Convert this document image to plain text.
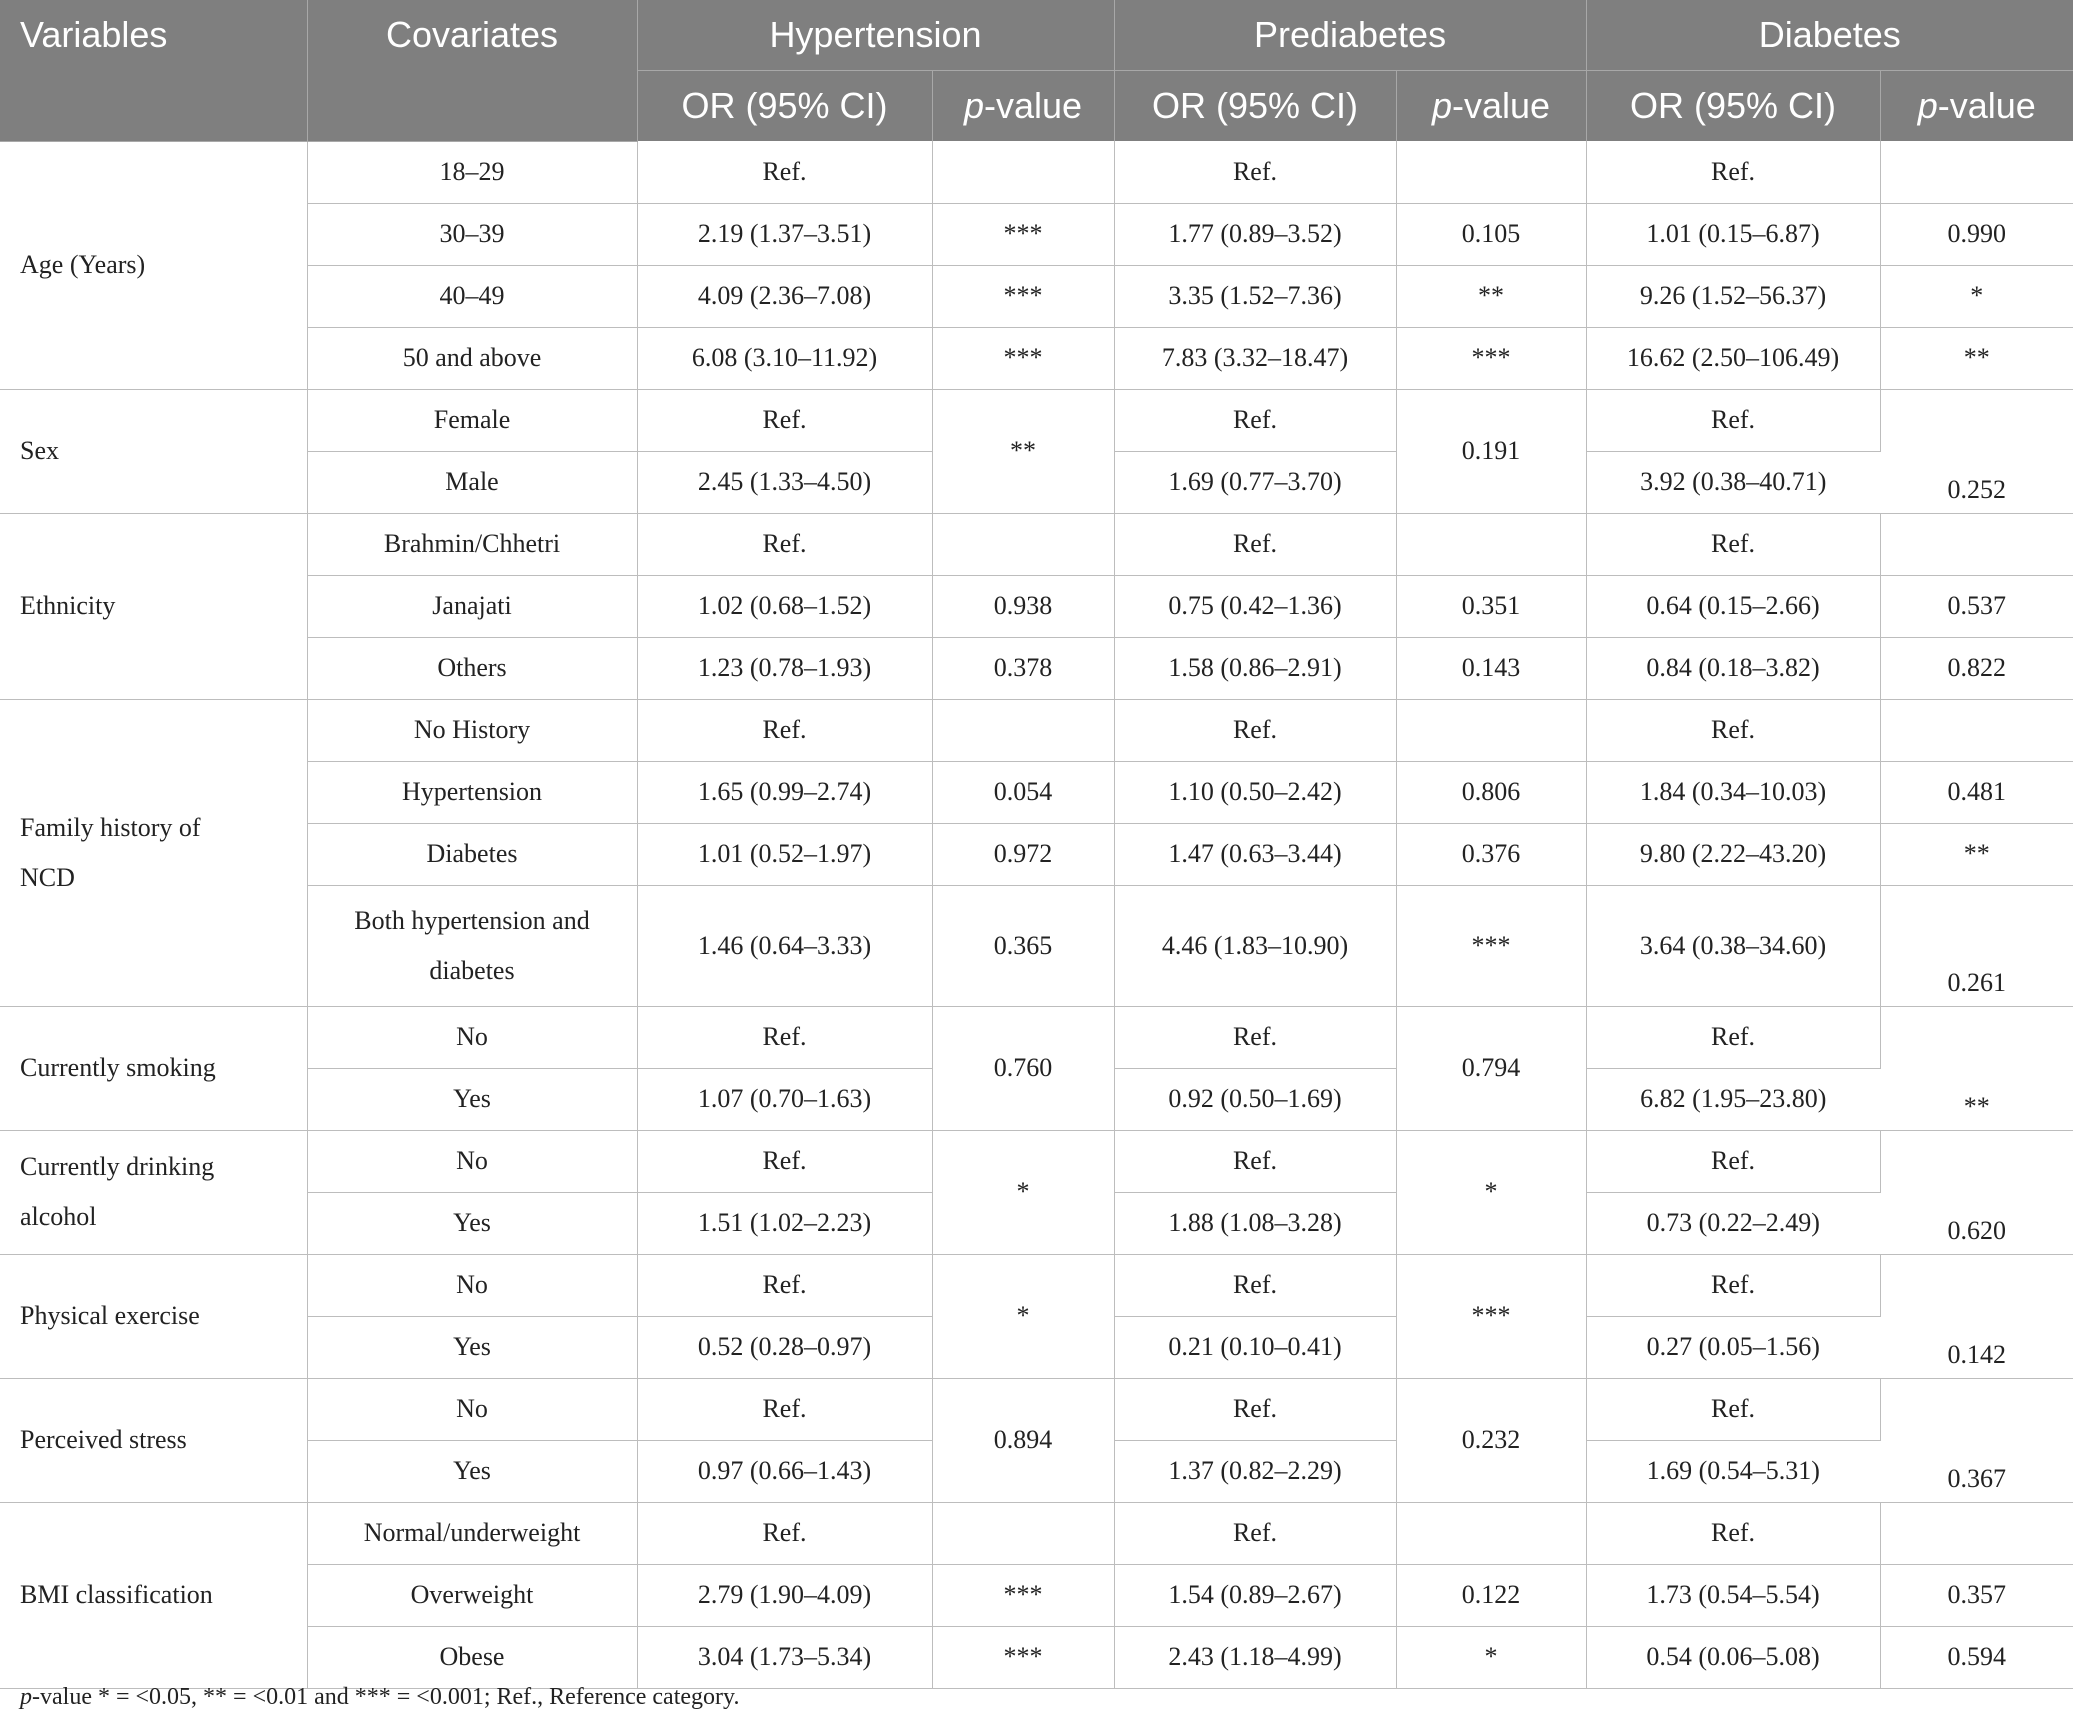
Variables	Covariates	Hypertension		Prediabetes		Diabetes	
		OR (95% CI)	p-value	OR (95% CI)	p-value	OR (95% CI)	p-value
Age (Years)	18–29	Ref.		Ref.		Ref.	
	30–39	2.19 (1.37–3.51)	***	1.77 (0.89–3.52)	0.105	1.01 (0.15–6.87)	0.990
	40–49	4.09 (2.36–7.08)	***	3.35 (1.52–7.36)	**	9.26 (1.52–56.37)	*
	50 and above	6.08 (3.10–11.92)	***	7.83 (3.32–18.47)	***	16.62 (2.50–106.49)	**
Sex	Female	Ref.	**	Ref.	0.191	Ref.	0.252
	Male	2.45 (1.33–4.50)		1.69 (0.77–3.70)		3.92 (0.38–40.71)	
Ethnicity	Brahmin/Chhetri	Ref.		Ref.		Ref.	
	Janajati	1.02 (0.68–1.52)	0.938	0.75 (0.42–1.36)	0.351	0.64 (0.15–2.66)	0.537
	Others	1.23 (0.78–1.93)	0.378	1.58 (0.86–2.91)	0.143	0.84 (0.18–3.82)	0.822
Family history of
NCD	No History	Ref.		Ref.		Ref.	
	Hypertension	1.65 (0.99–2.74)	0.054	1.10 (0.50–2.42)	0.806	1.84 (0.34–10.03)	0.481
	Diabetes	1.01 (0.52–1.97)	0.972	1.47 (0.63–3.44)	0.376	9.80 (2.22–43.20)	**
	Both hypertension and
diabetes	1.46 (0.64–3.33)	0.365	4.46 (1.83–10.90)	***	3.64 (0.38–34.60)	0.261
Currently smoking	No	Ref.	0.760	Ref.	0.794	Ref.	**
	Yes	1.07 (0.70–1.63)		0.92 (0.50–1.69)		6.82 (1.95–23.80)	
Currently drinking
alcohol	No	Ref.	*	Ref.	*	Ref.	0.620
	Yes	1.51 (1.02–2.23)		1.88 (1.08–3.28)		0.73 (0.22–2.49)	
Physical exercise	No	Ref.	*	Ref.	***	Ref.	0.142
	Yes	0.52 (0.28–0.97)		0.21 (0.10–0.41)		0.27 (0.05–1.56)	
Perceived stress	No	Ref.	0.894	Ref.	0.232	Ref.	0.367
	Yes	0.97 (0.66–1.43)		1.37 (0.82–2.29)		1.69 (0.54–5.31)	
BMI classification	Normal/underweight	Ref.		Ref.		Ref.	
	Overweight	2.79 (1.90–4.09)	***	1.54 (0.89–2.67)	0.122	1.73 (0.54–5.54)	0.357
	Obese	3.04 (1.73–5.34)	***	2.43 (1.18–4.99)	*	0.54 (0.06–5.08)	0.594
p-value * = <0.05, ** = <0.01 and *** = <0.001; Ref., Reference category.
